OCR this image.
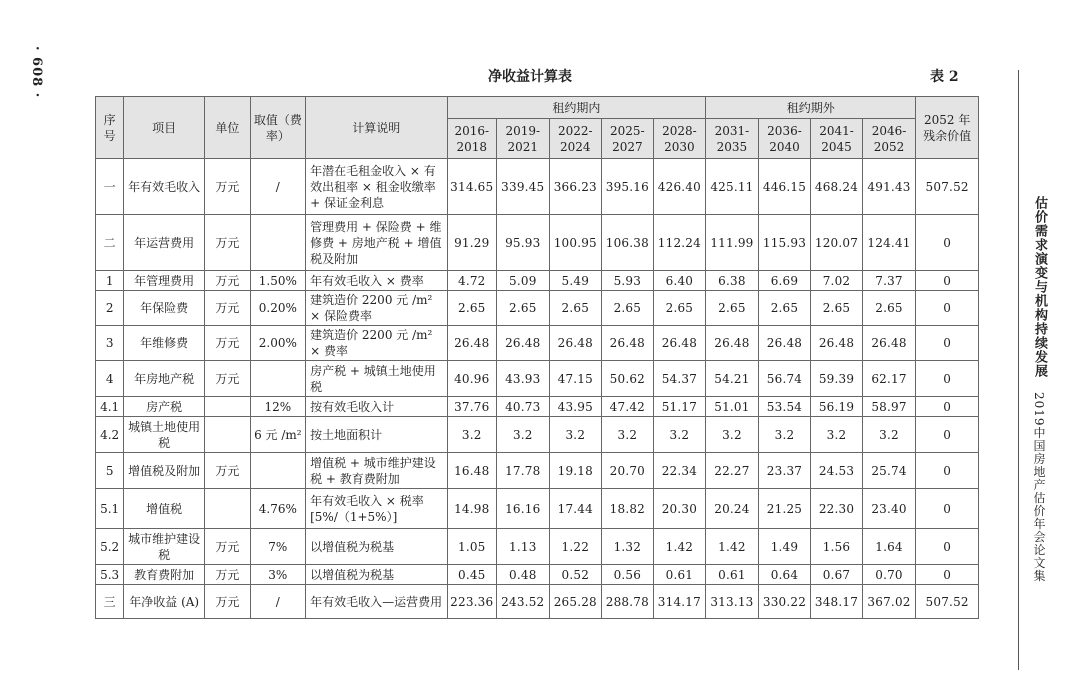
· 608 ·	净收益计算表	表 2
估价需求演变与机构持续发展2019中国房地产估价年会论文集
序号	项目	单位	取值（费率）	计算说明	租约期内					租约期外				2052 年残余价值
					2016-2018	2019-2021	2022-2024	2025-2027	2028-2030	2031-2035	2036-2040	2041-2045	2046-2052	
一	年有效毛收入	万元	/	年潜在毛租金收入 × 有效出租率 × 租金收缴率 + 保证金利息	314.65	339.45	366.23	395.16	426.40	425.11	446.15	468.24	491.43	507.52
二	年运营费用	万元		管理费用 + 保险费 + 维修费 + 房地产税 + 增值税及附加	91.29	95.93	100.95	106.38	112.24	111.99	115.93	120.07	124.41	0
1	年管理费用	万元	1.50%	年有效毛收入 × 费率	4.72	5.09	5.49	5.93	6.40	6.38	6.69	7.02	7.37	0
2	年保险费	万元	0.20%	建筑造价 2200 元 /m² × 保险费率	2.65	2.65	2.65	2.65	2.65	2.65	2.65	2.65	2.65	0
3	年维修费	万元	2.00%	建筑造价 2200 元 /m² × 费率	26.48	26.48	26.48	26.48	26.48	26.48	26.48	26.48	26.48	0
4	年房地产税	万元		房产税 + 城镇土地使用税	40.96	43.93	47.15	50.62	54.37	54.21	56.74	59.39	62.17	0
4.1	房产税		12%	按有效毛收入计	37.76	40.73	43.95	47.42	51.17	51.01	53.54	56.19	58.97	0
4.2	城镇土地使用税		6 元 /m²	按土地面积计	3.2	3.2	3.2	3.2	3.2	3.2	3.2	3.2	3.2	0
5	增值税及附加	万元		增值税 + 城市维护建设税 + 教育费附加	16.48	17.78	19.18	20.70	22.34	22.27	23.37	24.53	25.74	0
5.1	增值税		4.76%	年有效毛收入 × 税率 [5%/（1+5%）]	14.98	16.16	17.44	18.82	20.30	20.24	21.25	22.30	23.40	0
5.2	城市维护建设税	万元	7%	以增值税为税基	1.05	1.13	1.22	1.32	1.42	1.42	1.49	1.56	1.64	0
5.3	教育费附加	万元	3%	以增值税为税基	0.45	0.48	0.52	0.56	0.61	0.61	0.64	0.67	0.70	0
三	年净收益 (A)	万元	/	年有效毛收入—运营费用	223.36	243.52	265.28	288.78	314.17	313.13	330.22	348.17	367.02	507.52
